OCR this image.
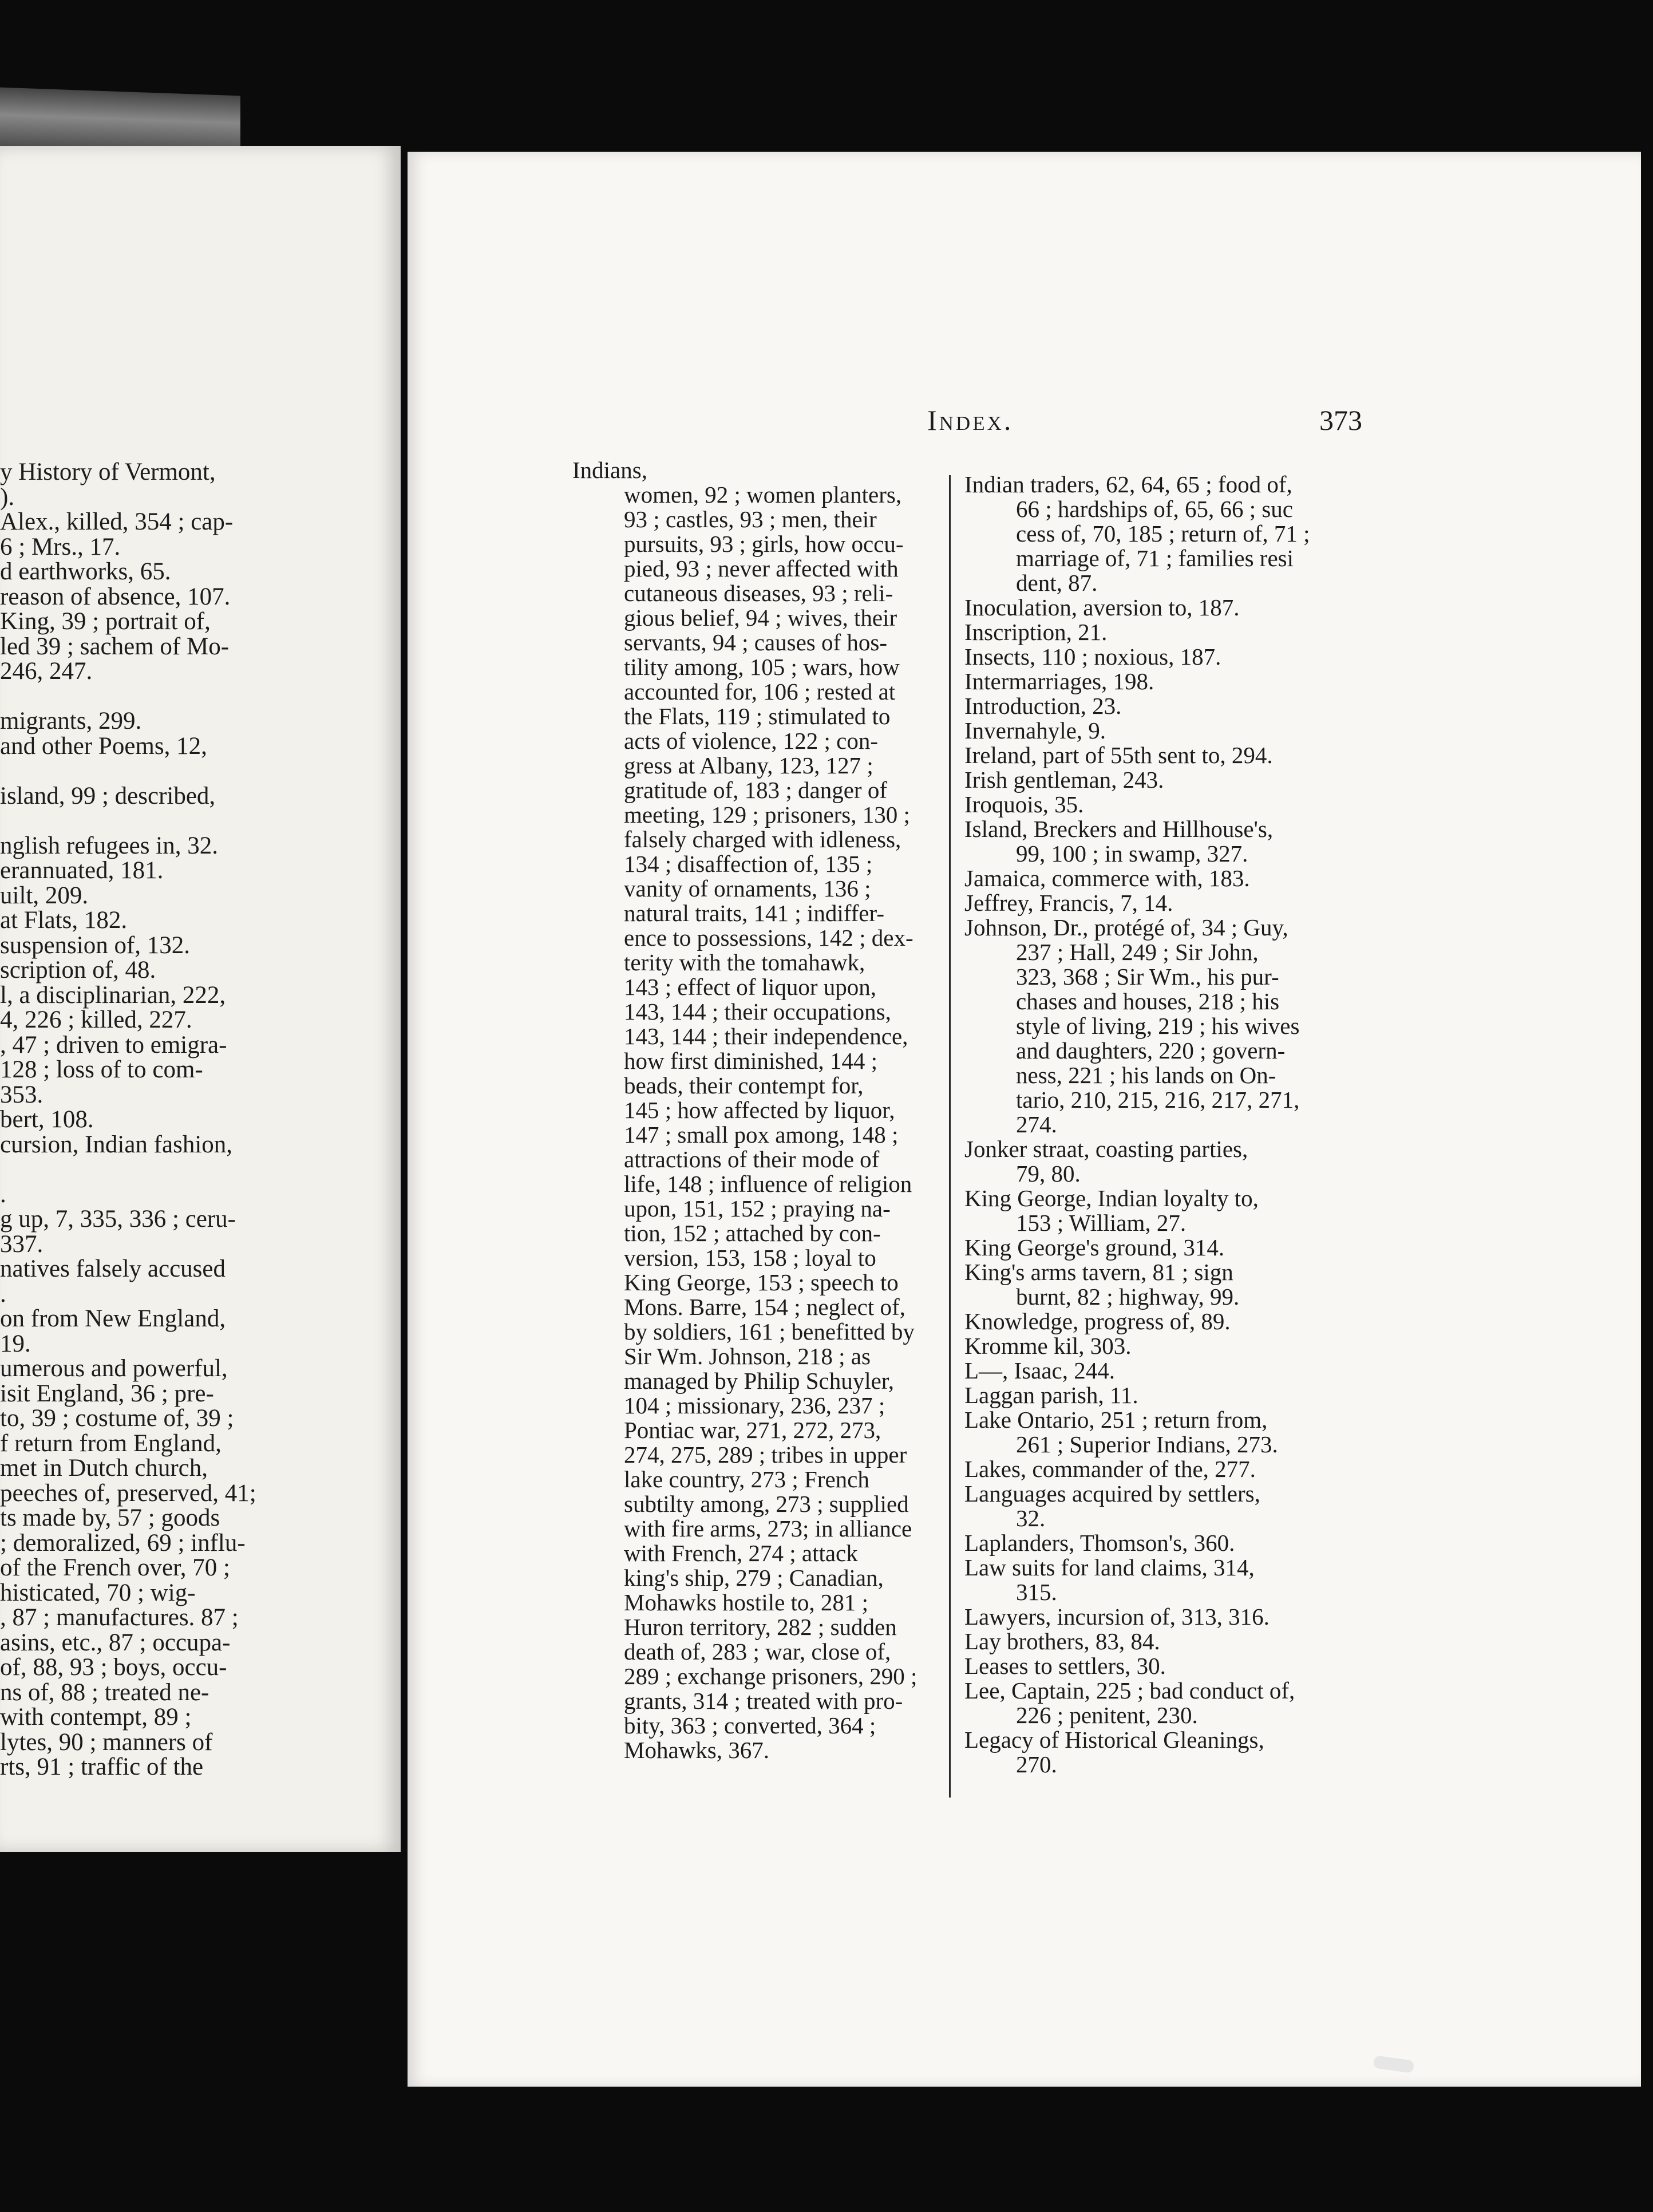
y History of Vermont,
).
Alex., killed, 354 ; cap-
6 ; Mrs., 17.
d earthworks, 65.
reason of absence, 107.
King, 39 ; portrait of,
led 39 ; sachem of Mo-
246, 247.
migrants, 299.
and other Poems, 12,
island, 99 ; described,
nglish refugees in, 32.
erannuated, 181.
uilt, 209.
at Flats, 182.
suspension of, 132.
scription of, 48.
l, a disciplinarian, 222,
4, 226 ; killed, 227.
, 47 ; driven to emigra-
128 ; loss of to com-
353.
bert, 108.
cursion, Indian fashion,
.
g up, 7, 335, 336 ; ceru-
337.
natives falsely accused
.
on from New England,
19.
umerous and powerful,
isit England, 36 ; pre-
to, 39 ; costume of, 39 ;
f return from England,
met in Dutch church,
peeches of, preserved, 41;
ts made by, 57 ; goods
; demoralized, 69 ; influ-
of the French over, 70 ;
histicated, 70 ; wig-
, 87 ; manufactures. 87 ;
asins, etc., 87 ; occupa-
of, 88, 93 ; boys, occu-
ns of, 88 ; treated ne-
with contempt, 89 ;
lytes, 90 ; manners of
rts, 91 ; traffic of the
Index.	373
Indians,
women, 92 ; women planters,
93 ; castles, 93 ; men, their
pursuits, 93 ; girls, how occu-
pied, 93 ; never affected with
cutaneous diseases, 93 ; reli-
gious belief, 94 ; wives, their
servants, 94 ; causes of hos-
tility among, 105 ; wars, how
accounted for, 106 ; rested at
the Flats, 119 ; stimulated to
acts of violence, 122 ; con-
gress at Albany, 123, 127 ;
gratitude of, 183 ; danger of
meeting, 129 ; prisoners, 130 ;
falsely charged with idleness,
134 ; disaffection of, 135 ;
vanity of ornaments, 136 ;
natural traits, 141 ; indiffer-
ence to possessions, 142 ; dex-
terity with the tomahawk,
143 ; effect of liquor upon,
143, 144 ; their occupations,
143, 144 ; their independence,
how first diminished, 144 ;
beads, their contempt for,
145 ; how affected by liquor,
147 ; small pox among, 148 ;
attractions of their mode of
life, 148 ; influence of religion
upon, 151, 152 ; praying na-
tion, 152 ; attached by con-
version, 153, 158 ; loyal to
King George, 153 ; speech to
Mons. Barre, 154 ; neglect of,
by soldiers, 161 ; benefitted by
Sir Wm. Johnson, 218 ; as
managed by Philip Schuyler,
104 ; missionary, 236, 237 ;
Pontiac war, 271, 272, 273,
274, 275, 289 ; tribes in upper
lake country, 273 ; French
subtilty among, 273 ; supplied
with fire arms, 273; in alliance
with French, 274 ; attack
king's ship, 279 ; Canadian,
Mohawks hostile to, 281 ;
Huron territory, 282 ; sudden
death of, 283 ; war, close of,
289 ; exchange prisoners, 290 ;
grants, 314 ; treated with pro-
bity, 363 ; converted, 364 ;
Mohawks, 367.
Indian traders, 62, 64, 65 ; food of,
66 ; hardships of, 65, 66 ; suc
cess of, 70, 185 ; return of, 71 ;
marriage of, 71 ; families resi
dent, 87.
Inoculation, aversion to, 187.
Inscription, 21.
Insects, 110 ; noxious, 187.
Intermarriages, 198.
Introduction, 23.
Invernahyle, 9.
Ireland, part of 55th sent to, 294.
Irish gentleman, 243.
Iroquois, 35.
Island, Breckers and Hillhouse's,
99, 100 ; in swamp, 327.
Jamaica, commerce with, 183.
Jeffrey, Francis, 7, 14.
Johnson, Dr., protégé of, 34 ; Guy,
237 ; Hall, 249 ; Sir John,
323, 368 ; Sir Wm., his pur-
chases and houses, 218 ; his
style of living, 219 ; his wives
and daughters, 220 ; govern-
ness, 221 ; his lands on On-
tario, 210, 215, 216, 217, 271,
274.
Jonker straat, coasting parties,
79, 80.
King George, Indian loyalty to,
153 ; William, 27.
King George's ground, 314.
King's arms tavern, 81 ; sign
burnt, 82 ; highway, 99.
Knowledge, progress of, 89.
Kromme kil, 303.
L—, Isaac, 244.
Laggan parish, 11.
Lake Ontario, 251 ; return from,
261 ; Superior Indians, 273.
Lakes, commander of the, 277.
Languages acquired by settlers,
32.
Laplanders, Thomson's, 360.
Law suits for land claims, 314,
315.
Lawyers, incursion of, 313, 316.
Lay brothers, 83, 84.
Leases to settlers, 30.
Lee, Captain, 225 ; bad conduct of,
226 ; penitent, 230.
Legacy of Historical Gleanings,
270.
